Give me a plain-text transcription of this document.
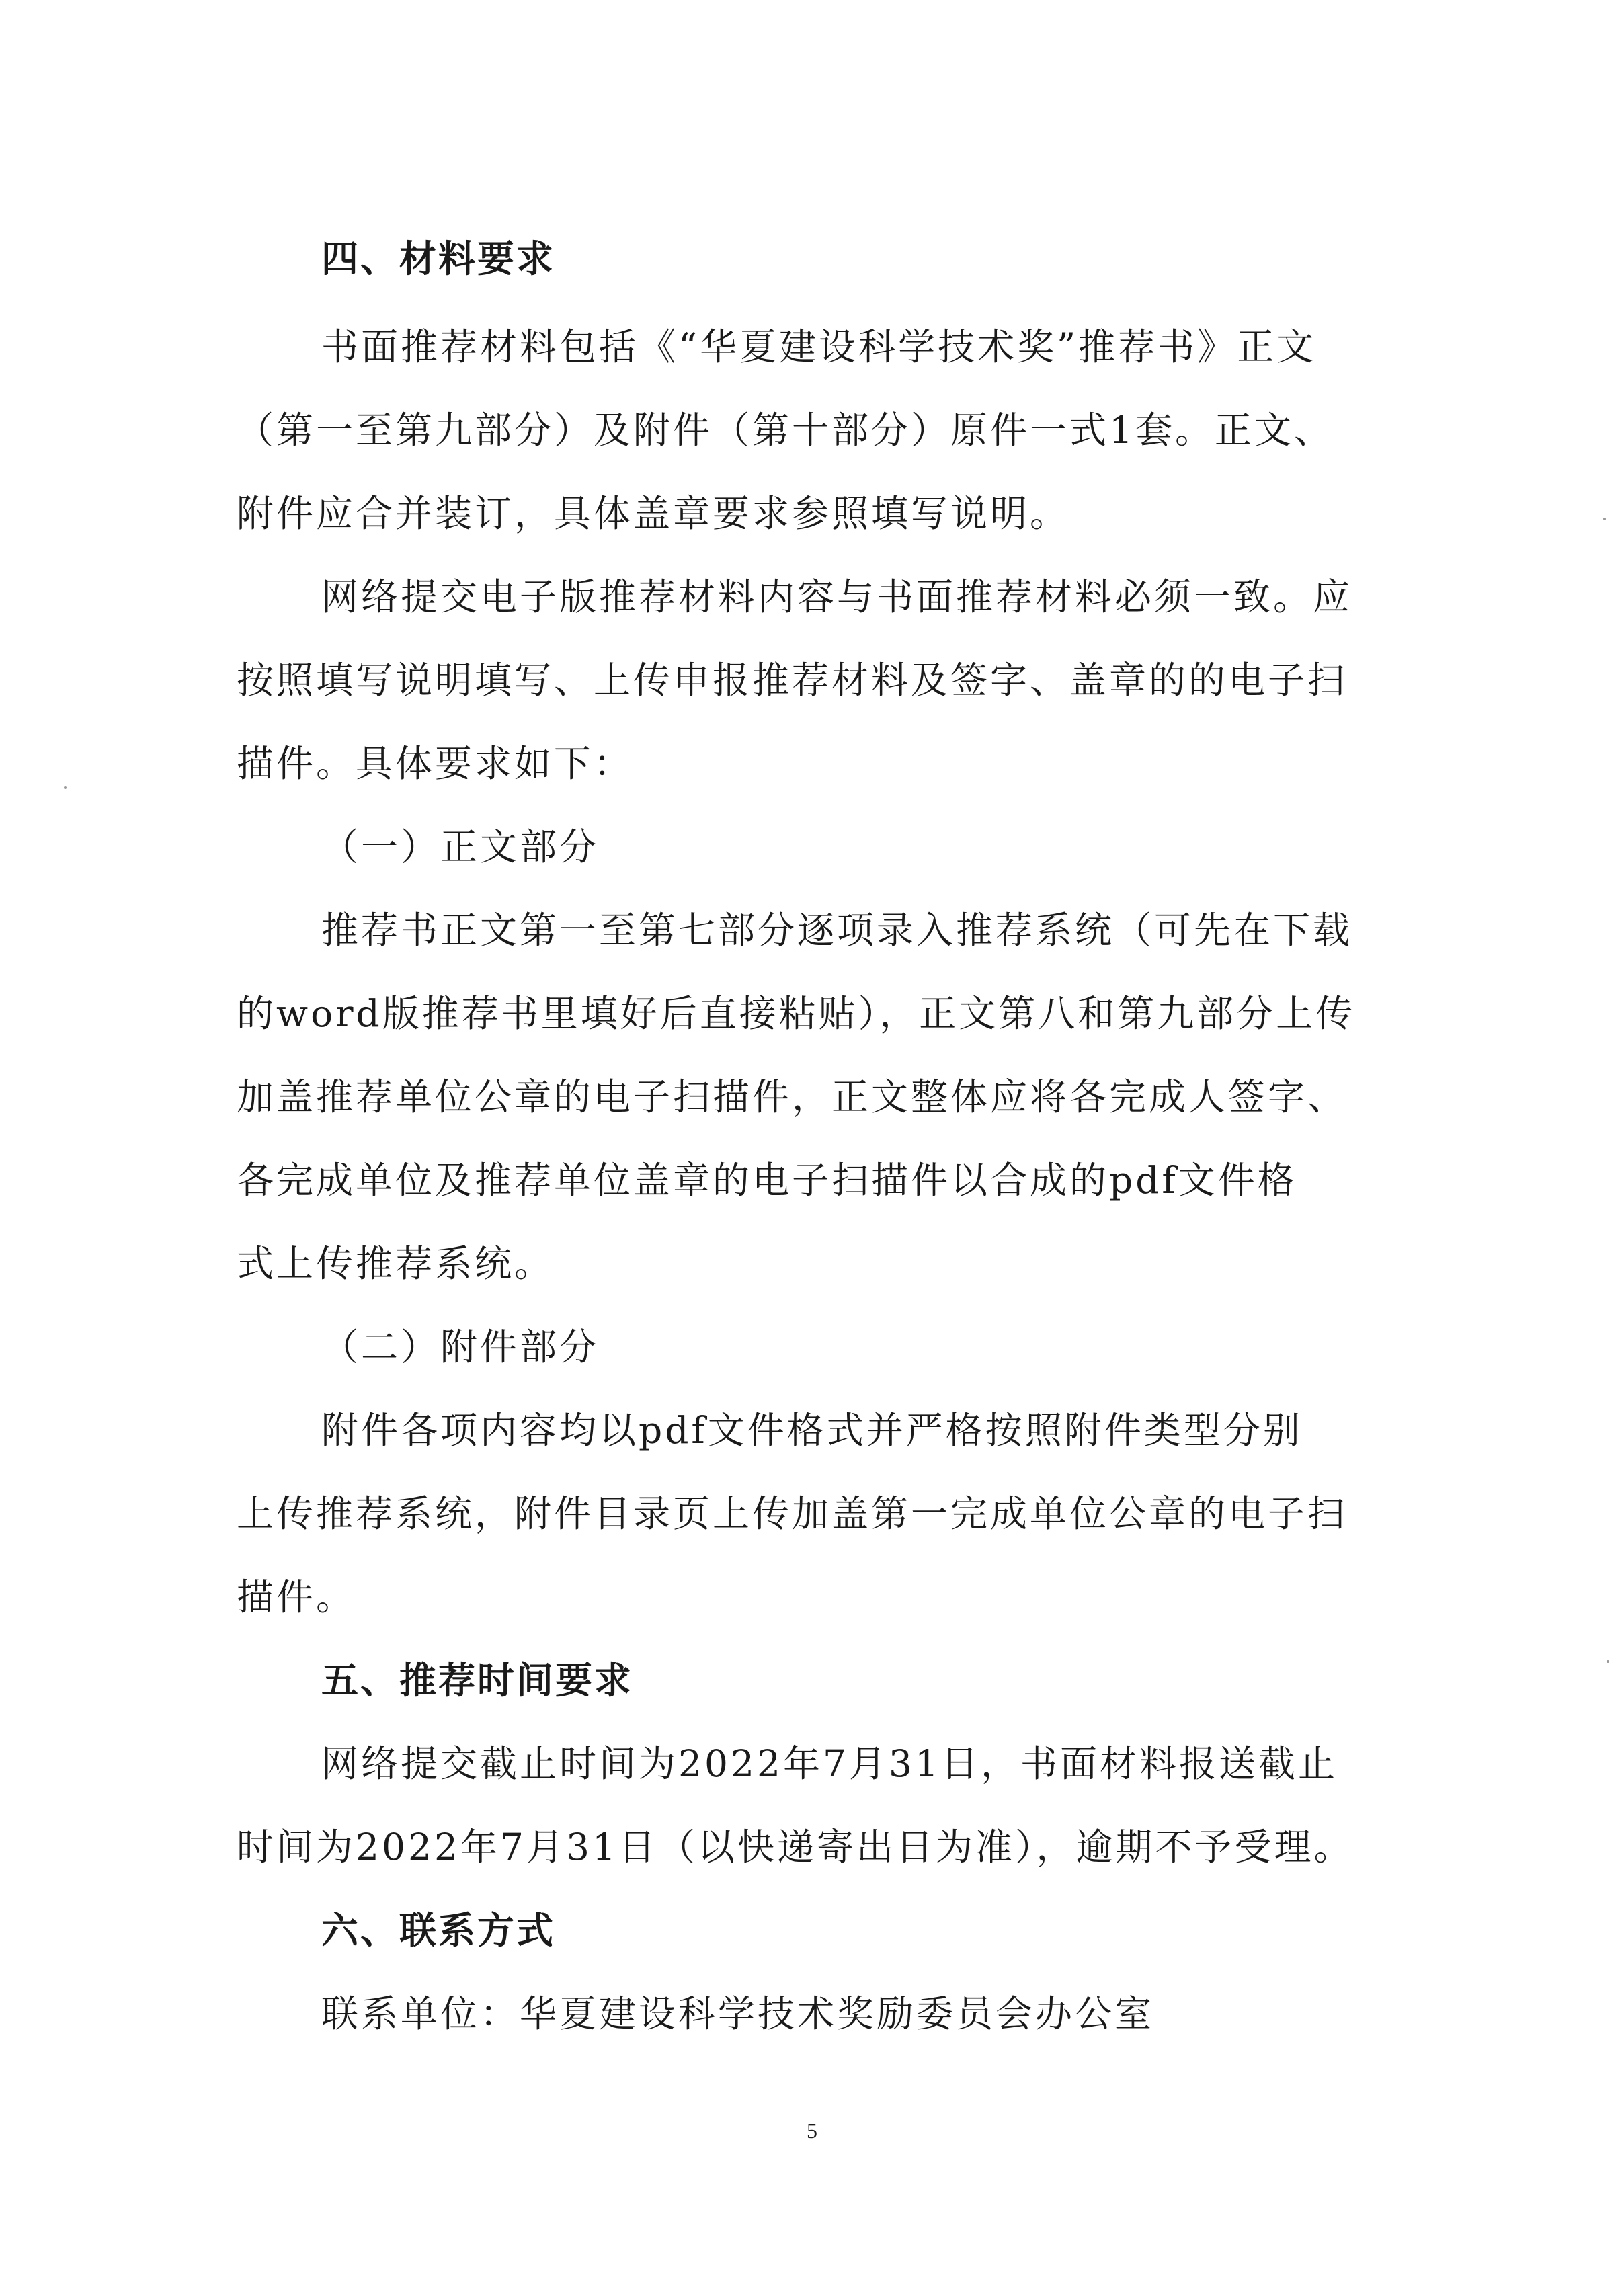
四、材料要求
书面推荐材料包括《“华夏建设科学技术奖”推荐书》正文
（第一至第九部分）及附件（第十部分）原件一式1套。正文、
附件应合并装订，具体盖章要求参照填写说明。
网络提交电子版推荐材料内容与书面推荐材料必须一致。应
按照填写说明填写、上传申报推荐材料及签字、盖章的的电子扫
描件。具体要求如下：
（一）正文部分
推荐书正文第一至第七部分逐项录入推荐系统（可先在下载
的word版推荐书里填好后直接粘贴），正文第八和第九部分上传
加盖推荐单位公章的电子扫描件，正文整体应将各完成人签字、
各完成单位及推荐单位盖章的电子扫描件以合成的pdf文件格
式上传推荐系统。
（二）附件部分
附件各项内容均以pdf文件格式并严格按照附件类型分别
上传推荐系统，附件目录页上传加盖第一完成单位公章的电子扫
描件。
五、推荐时间要求
网络提交截止时间为2022年7月31日，书面材料报送截止
时间为2022年7月31日（以快递寄出日为准），逾期不予受理。
六、联系方式
联系单位：华夏建设科学技术奖励委员会办公室
5
